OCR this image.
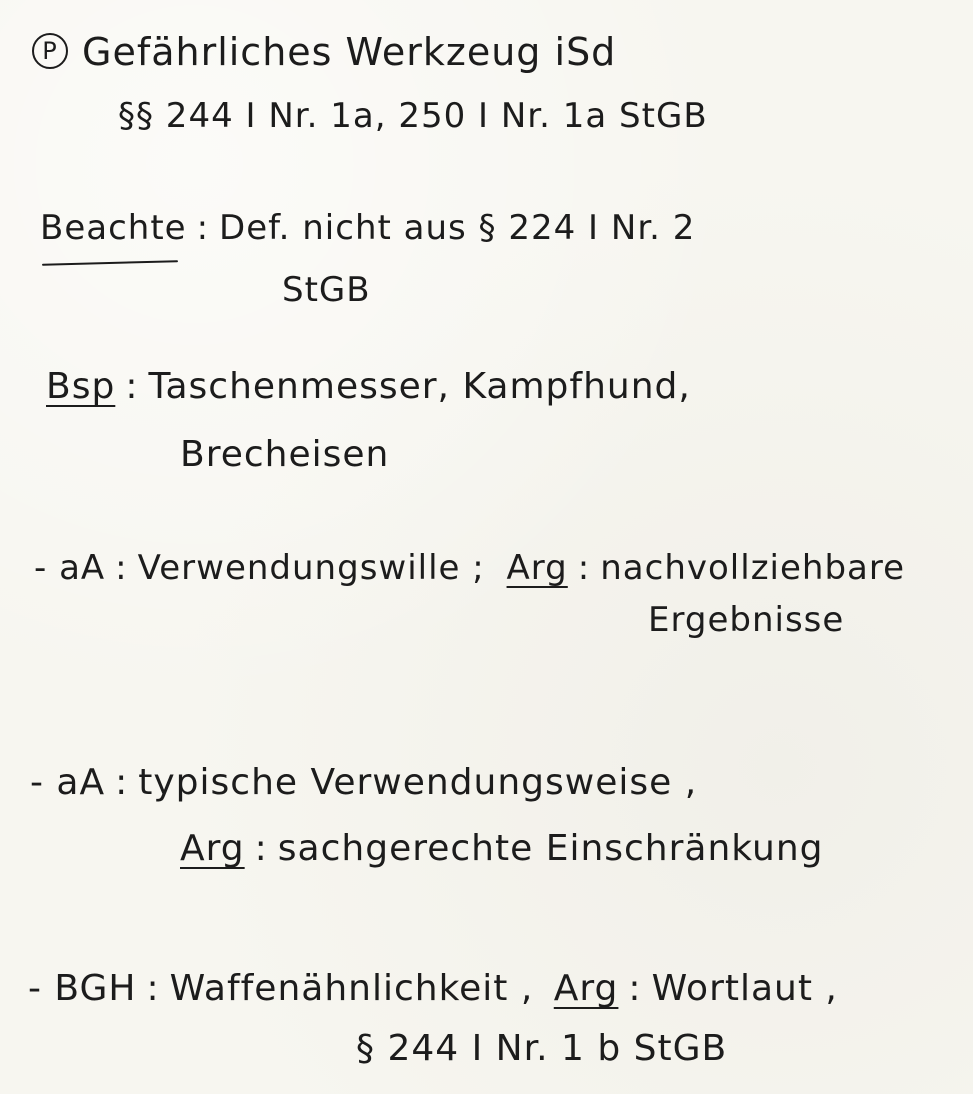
P Gefährliches Werkzeug iSd
§§ 244 I Nr. 1a, 250 I Nr. 1a StGB
Beachte : Def. nicht aus § 224 I Nr. 2
StGB
Bsp : Taschenmesser, Kampfhund,
Brecheisen
- aA : Verwendungswille ; Arg : nachvollziehbare
Ergebnisse
- aA : typische Verwendungsweise ,
Arg : sachgerechte Einschränkung
- BGH : Waffenähnlichkeit , Arg : Wortlaut ,
§ 244 I Nr. 1 b StGB
